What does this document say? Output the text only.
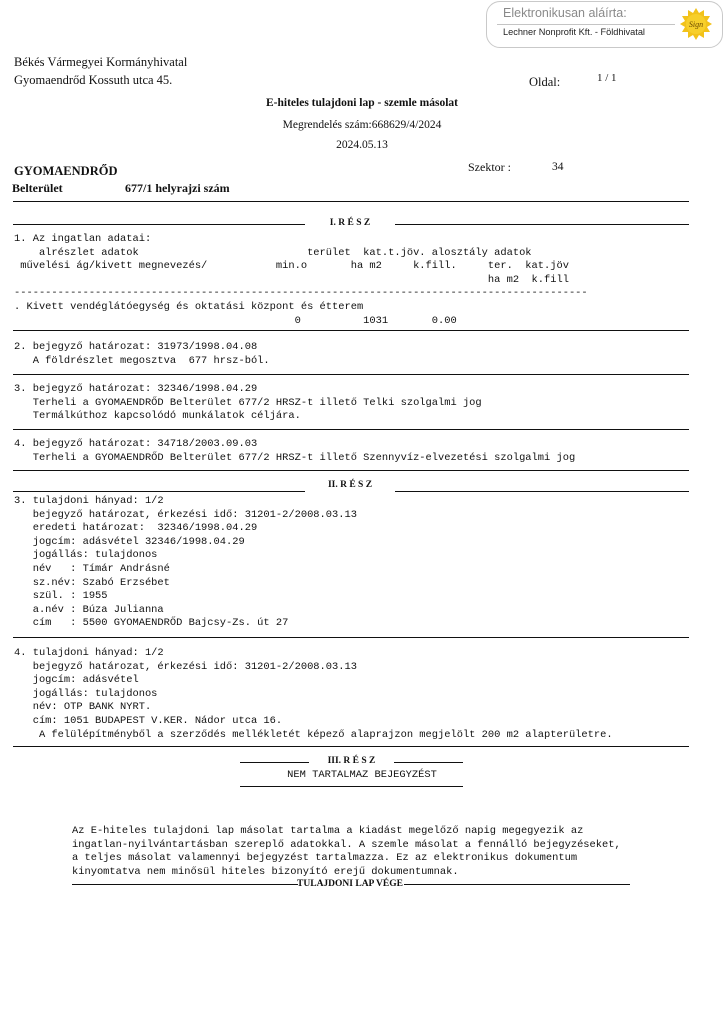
Elektronikusan aláírta:
Lechner Nonprofit Kft. - Földhivatal
Sign
Békés Vármegyei Kormányhivatal
Gyomaendrőd Kossuth utca 45.	Oldal:	1 / 1
E-hiteles tulajdoni lap - szemle másolat
Megrendelés szám:668629/4/2024
2024.05.13
GYOMAENDRŐD	Szektor :	34
Belterület	677/1 helyrajzi szám
I. R É S Z
1. Az ingatlan adatai:
alrészlet adatok                           terület  kat.t.jöv. alosztály adatok
művelési ág/kivett megnevezés/           min.o       ha m2     k.fill.     ter.  kat.jöv
ha m2  k.fill
--------------------------------------------------------------------------------------------
. Kivett vendéglátóegység és oktatási központ és étterem
0          1031       0.00
2. bejegyző határozat: 31973/1998.04.08
A földrészlet megosztva  677 hrsz-ból.
3. bejegyző határozat: 32346/1998.04.29
Terheli a GYOMAENDRŐD Belterület 677/2 HRSZ-t illető Telki szolgalmi jog
Termálkúthoz kapcsolódó munkálatok céljára.
4. bejegyző határozat: 34718/2003.09.03
Terheli a GYOMAENDRŐD Belterület 677/2 HRSZ-t illető Szennyvíz-elvezetési szolgalmi jog
II. R É S Z
3. tulajdoni hányad: 1/2
bejegyző határozat, érkezési idő: 31201-2/2008.03.13
eredeti határozat:  32346/1998.04.29
jogcím: adásvétel 32346/1998.04.29
jogállás: tulajdonos
név   : Tímár Andrásné
sz.név: Szabó Erzsébet
szül. : 1955
a.név : Búza Julianna
cím   : 5500 GYOMAENDRŐD Bajcsy-Zs. út 27
4. tulajdoni hányad: 1/2
bejegyző határozat, érkezési idő: 31201-2/2008.03.13
jogcím: adásvétel
jogállás: tulajdonos
név: OTP BANK NYRT.
cím: 1051 BUDAPEST V.KER. Nádor utca 16.
A felülépítményből a szerződés mellékletét képező alaprajzon megjelölt 200 m2 alapterületre.
III. R É S Z
NEM TARTALMAZ BEJEGYZÉST
Az E-hiteles tulajdoni lap másolat tartalma a kiadást megelőző napig megegyezik az
ingatlan-nyilvántartásban szereplő adatokkal. A szemle másolat a fennálló bejegyzéseket,
a teljes másolat valamennyi bejegyzést tartalmazza. Ez az elektronikus dokumentum
kinyomtatva nem minősül hiteles bizonyító erejű dokumentumnak.
TULAJDONI LAP VÉGE
